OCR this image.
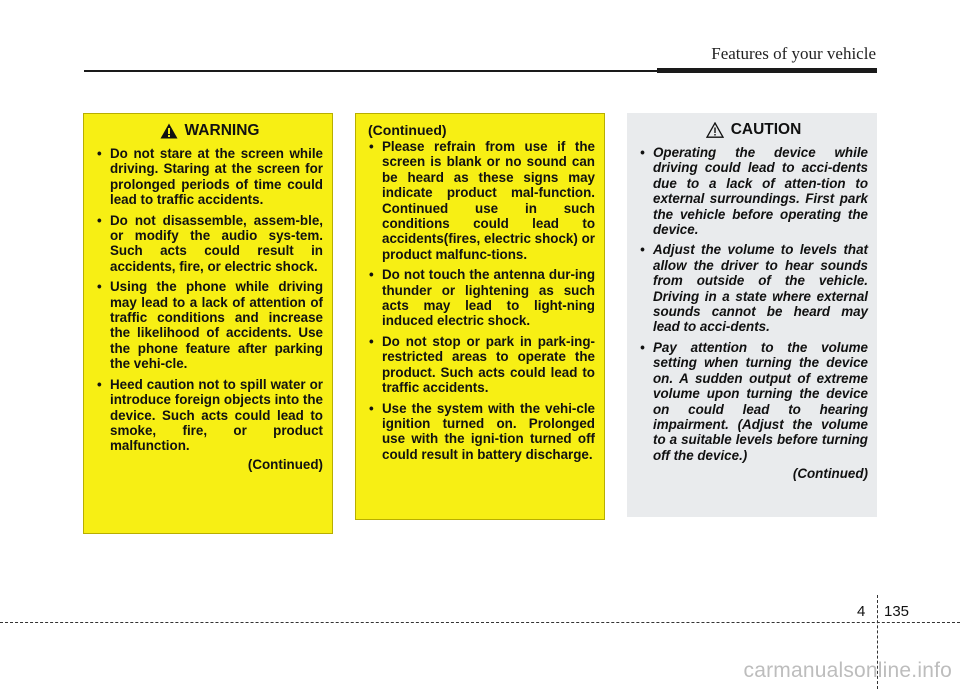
Features of your vehicle
WARNING
• Do not stare at the screen while driving. Staring at the screen for prolonged periods of time could lead to traffic accidents.
• Do not disassemble, assem-ble, or modify the audio sys-tem. Such acts could result in accidents, fire, or electric shock.
• Using the phone while driving may lead to a lack of attention of traffic conditions and increase the likelihood of accidents. Use the phone feature after parking the vehi-cle.
• Heed caution not to spill water or introduce foreign objects into the device. Such acts could lead to smoke, fire, or product malfunction.
(Continued)
(Continued)
• Please refrain from use if the screen is blank or no sound can be heard as these signs may indicate product mal-function. Continued use in such conditions could lead to accidents(fires, electric shock) or product malfunc-tions.
• Do not touch the antenna dur-ing thunder or lightening as such acts may lead to light-ning induced electric shock.
• Do not stop or park in park-ing-restricted areas to operate the product. Such acts could lead to traffic accidents.
• Use the system with the vehi-cle ignition turned on. Prolonged use with the igni-tion turned off could result in battery discharge.
CAUTION
• Operating the device while driving could lead to acci-dents due to a lack of atten-tion to external surroundings. First park the vehicle before operating the device.
• Adjust the volume to levels that allow the driver to hear sounds from outside of the vehicle. Driving in a state where external sounds cannot be heard may lead to acci-dents.
• Pay attention to the volume setting when turning the device on. A sudden output of extreme volume upon turning the device on could lead to hearing impairment. (Adjust the volume to a suitable levels before turning off the device.)
(Continued)
4 135
carmanualsonline.info
